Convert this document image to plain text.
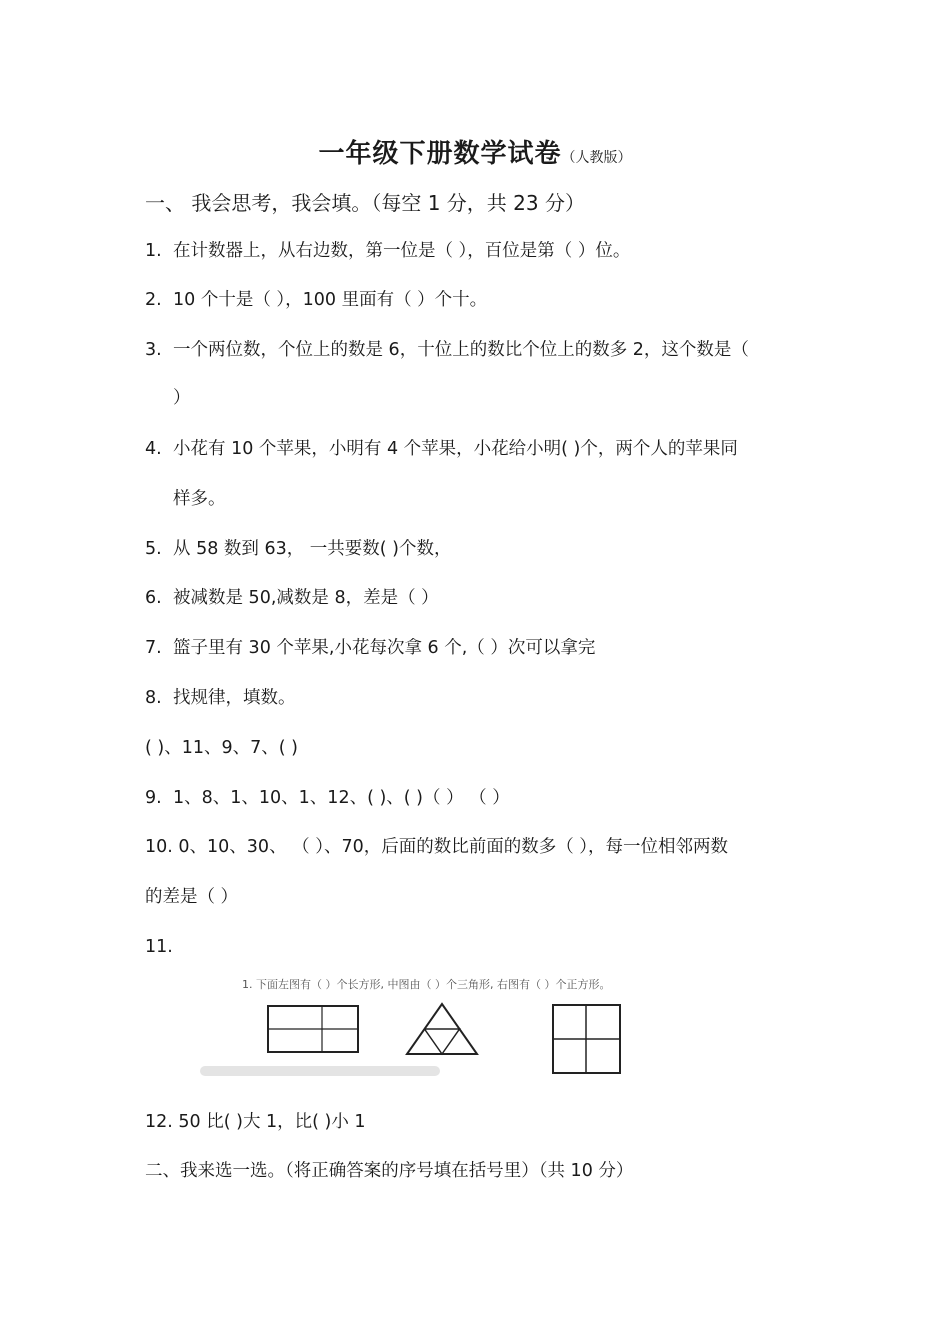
一年级下册数学试卷（人教版）
一、 我会思考，我会填。（每空 1 分，共 23 分）
1. 在计数器上，从右边数，第一位是（ ），百位是第（ ）位。
2. 10 个十是（ ），100 里面有（ ）个十。
3. 一个两位数，个位上的数是 6，十位上的数比个位上的数多 2，这个数是（
）
4. 小花有 10 个苹果，小明有 4 个苹果，小花给小明( )个，两个人的苹果同
样多。
5. 从 58 数到 63， 一共要数( )个数，
6. 被减数是 50,减数是 8，差是（ ）
7. 篮子里有 30 个苹果,小花每次拿 6 个,（ ）次可以拿完
8. 找规律，填数。
( )、11、9、7、( )
9. 1、8、1、10、1、12、( )、( )（ ） （ ）
10. 0、10、30、 （ ）、70，后面的数比前面的数多（ ），每一位相邻两数
的差是（ ）
11.
1. 下面左图有（ ）个长方形, 中图由（ ）个三角形, 右图有（ ）个正方形。
12. 50 比( )大 1，比( )小 1
二、我来选一选。（将正确答案的序号填在括号里）（共 10 分）
